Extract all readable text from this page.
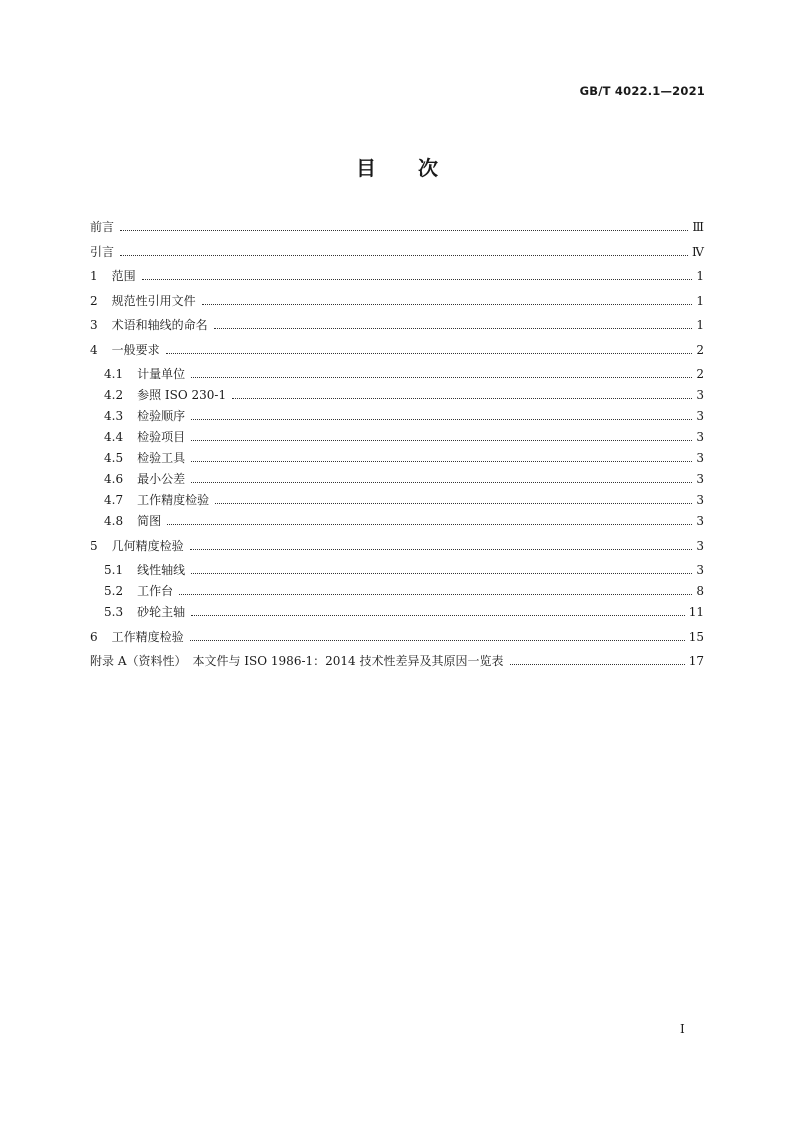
GB/T 4022.1—2021
目 次
前言	Ⅲ
引言	Ⅳ
1 范围	1
2 规范性引用文件	1
3 术语和轴线的命名	1
4 一般要求	2
4.1 计量单位	2
4.2 参照 ISO 230-1	3
4.3 检验顺序	3
4.4 检验项目	3
4.5 检验工具	3
4.6 最小公差	3
4.7 工作精度检验	3
4.8 简图	3
5 几何精度检验	3
5.1 线性轴线	3
5.2 工作台	8
5.3 砂轮主轴	11
6 工作精度检验	15
附录 A（资料性）　本文件与 ISO 1986-1：2014 技术性差异及其原因一览表	17
I
